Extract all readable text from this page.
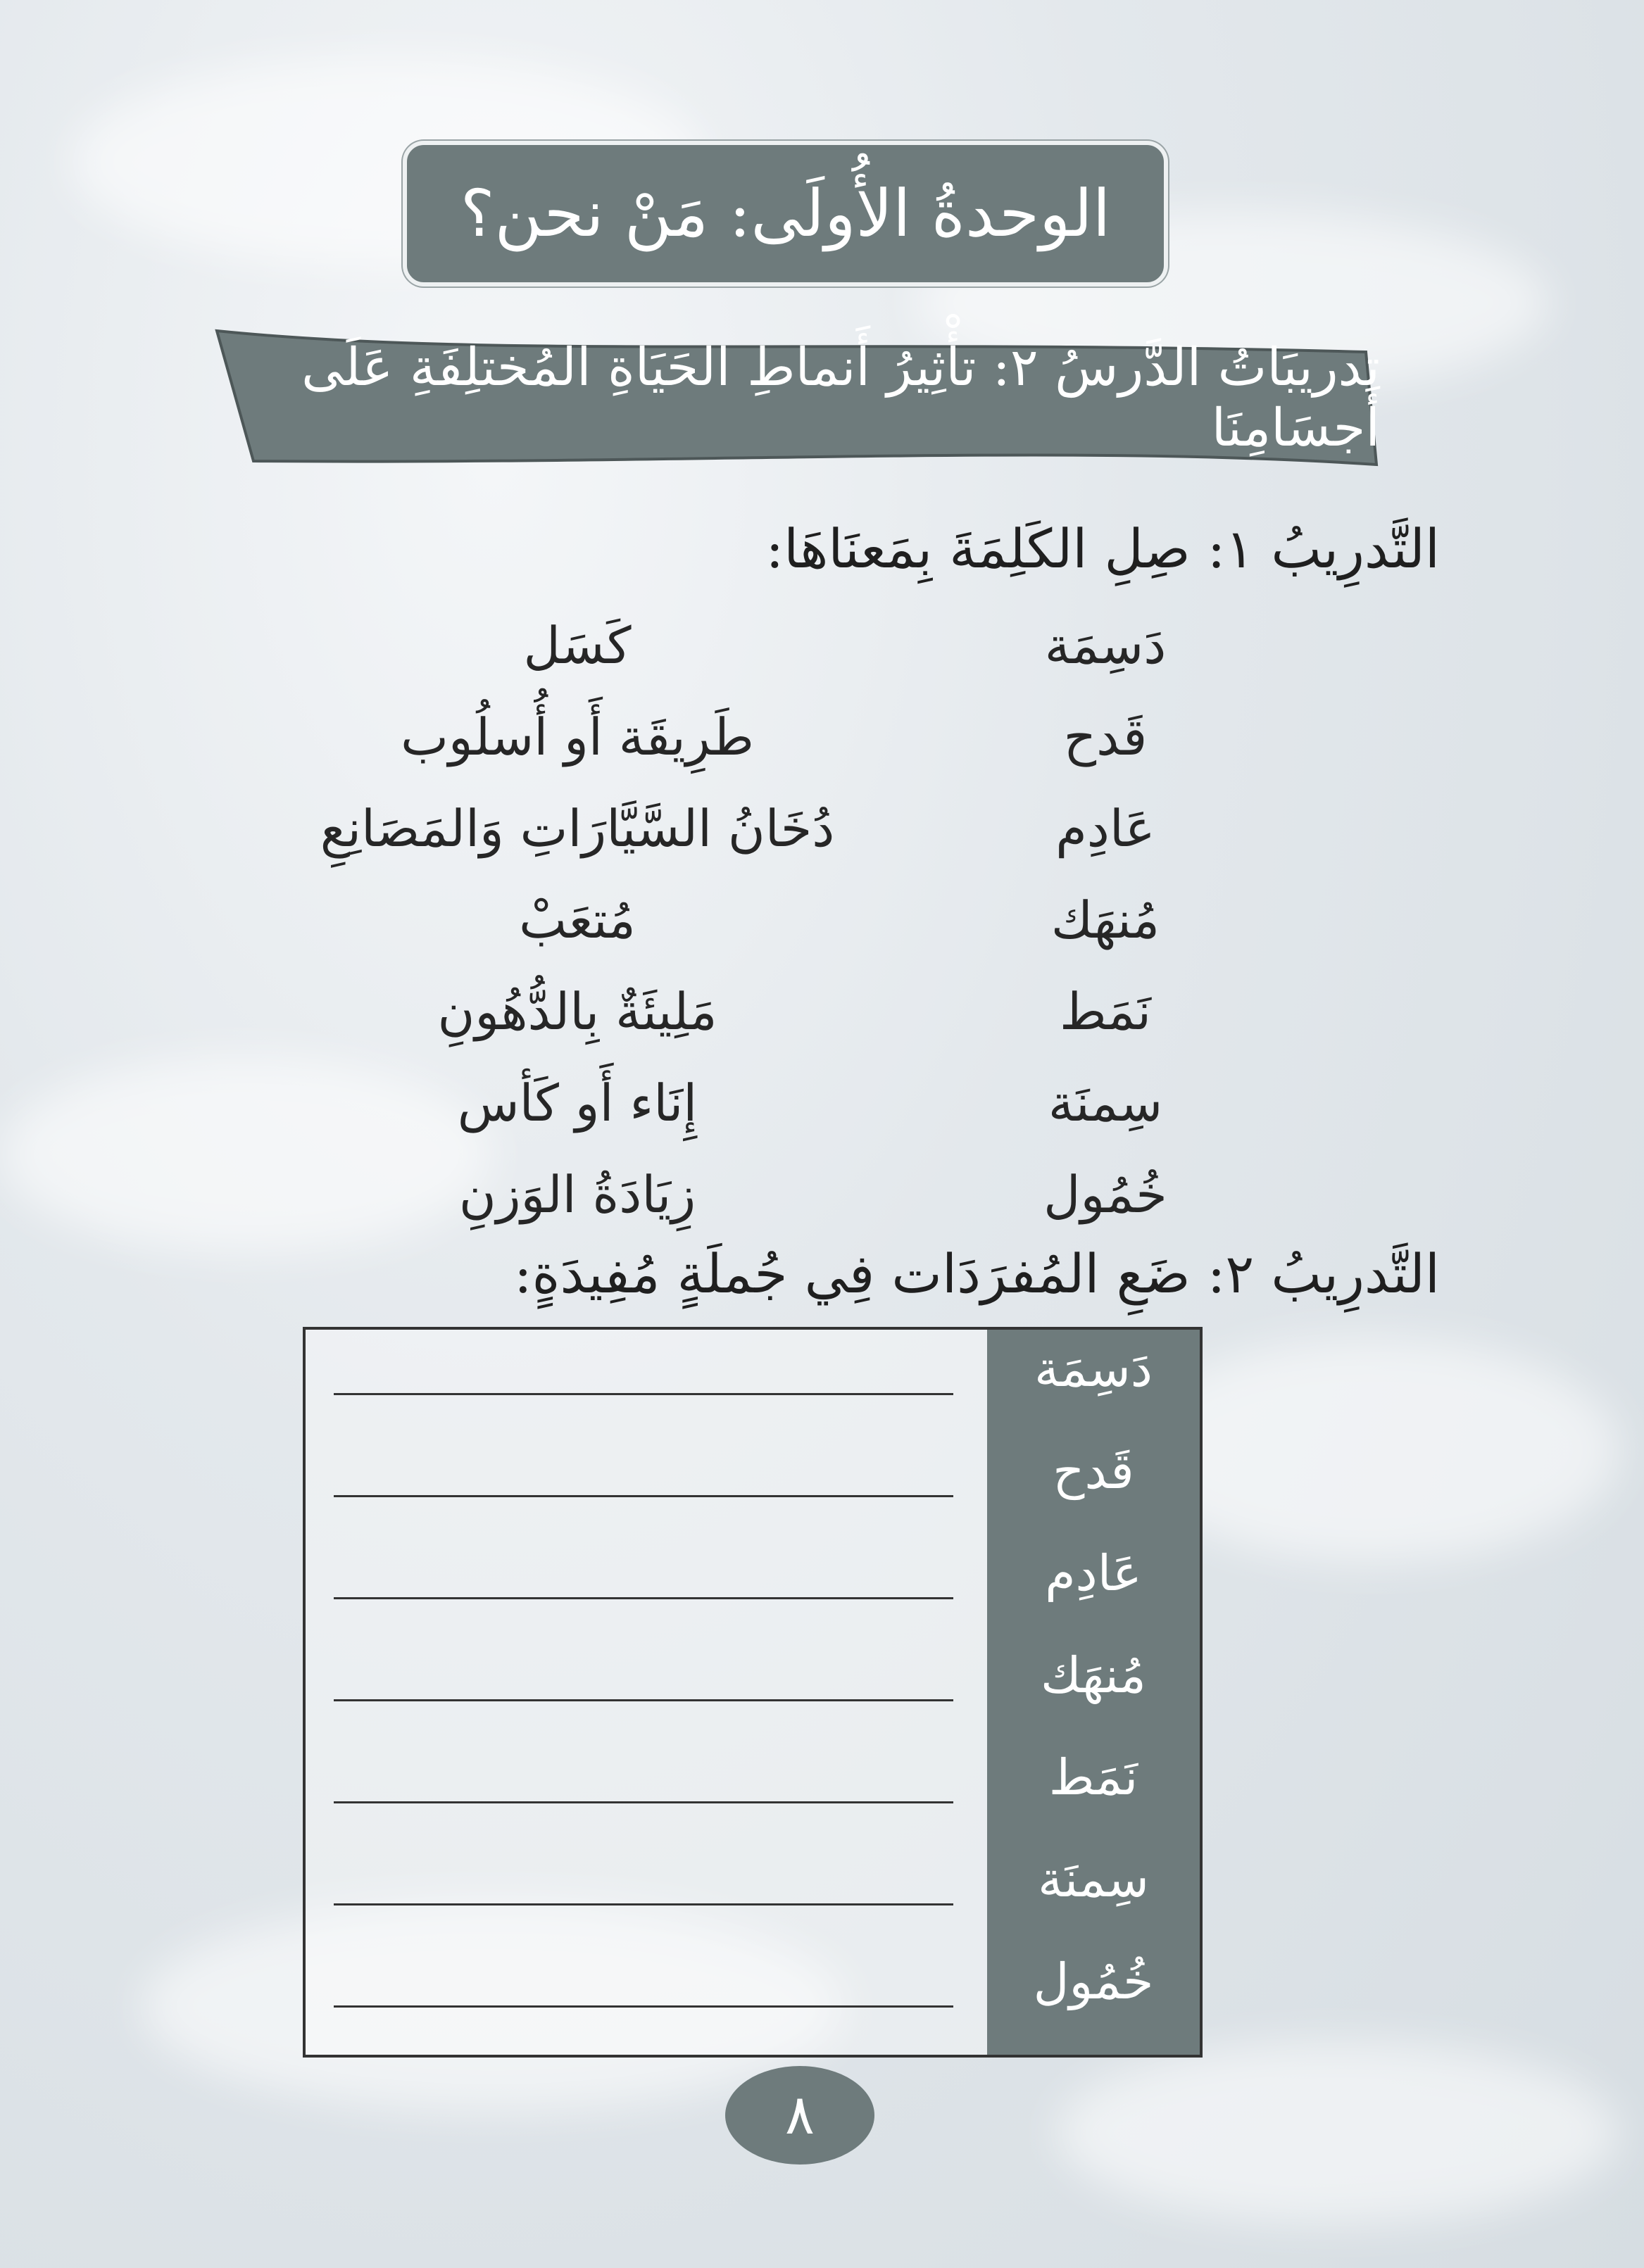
الوحدةُ الأُولَى: مَنْ نحن؟
تدريبَاتُ الدَّرسُ ٢: تأْثِيرُ أَنماطِ الحَيَاةِ المُختلِفَةِ عَلَى أَجسَامِنَا
التَّدرِيبُ ١: صِلِ الكَلِمَةَ بِمَعنَاهَا:
دَسِمَة
قَدح
عَادِم
مُنهَك
نَمَط
سِمنَة
خُمُول
كَسَل
طَرِيقَة أَو أُسلُوب
دُخَانُ السَّيَّارَاتِ وَالمَصَانِعِ
مُتعَبْ
مَلِيئَةٌ بِالدُّهُونِ
إِنَاء أَو كَأس
زِيَادَةُ الوَزنِ
التَّدرِيبُ ٢: ضَعِ المُفرَدَات فِي جُملَةٍ مُفِيدَةٍ:
دَسِمَة
قَدح
عَادِم
مُنهَك
نَمَط
سِمنَة
خُمُول
٨
